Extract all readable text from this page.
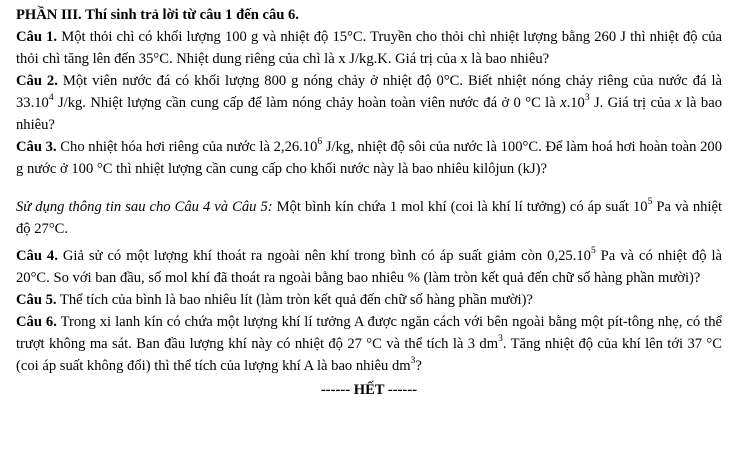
PHẦN III. Thí sinh trả lời từ câu 1 đến câu 6.

Câu 1. Một thỏi chì có khối lượng 100 g và nhiệt độ 15°C. Truyền cho thỏi chì nhiệt lượng bằng 260 J thì nhiệt độ của thỏi chì tăng lên đến 35°C. Nhiệt dung riêng của chì là x J/kg.K. Giá trị của x là bao nhiêu?

Câu 2. Một viên nước đá có khối lượng 800 g nóng chảy ở nhiệt độ 0°C. Biết nhiệt nóng chảy riêng của nước đá là 33.10$^4$ J/kg. Nhiệt lượng cần cung cấp để làm nóng chảy hoàn toàn viên nước đá ở 0 °C là $x.10^3$ J. Giá trị của x là bao nhiêu?

Câu 3. Cho nhiệt hóa hơi riêng của nước là 2,26.10$^6$ J/kg, nhiệt độ sôi của nước là 100°C. Để làm hoá hơi hoàn toàn 200 g nước ở 100 °C thì nhiệt lượng cần cung cấp cho khối nước này là bao nhiêu kilôjun (kJ)?

Sử dụng thông tin sau cho Câu 4 và Câu 5: Một bình kín chứa 1 mol khí (coi là khí lí tưởng) có áp suất $10^5$ Pa và nhiệt độ 27°C.

Câu 4. Giả sử có một lượng khí thoát ra ngoài nên khí trong bình có áp suất giảm còn 0,25.10$^5$ Pa và có nhiệt độ là 20°C. So với ban đầu, số mol khí đã thoát ra ngoài bằng bao nhiêu % (làm tròn kết quả đến chữ số hàng phần mười)?

Câu 5. Thể tích của bình là bao nhiêu lít (làm tròn kết quả đến chữ số hàng phần mười)?

Câu 6. Trong xi lanh kín có chứa một lượng khí lí tưởng A được ngăn cách với bên ngoài bằng một pít-tông nhẹ, có thể trượt không ma sát. Ban đầu lượng khí này có nhiệt độ 27 °C và thể tích là 3 $dm^3$. Tăng nhiệt độ của khí lên tới 37 °C (coi áp suất không đổi) thì thể tích của lượng khí A là bao nhiêu $dm^3$?

------ HẾT ------
